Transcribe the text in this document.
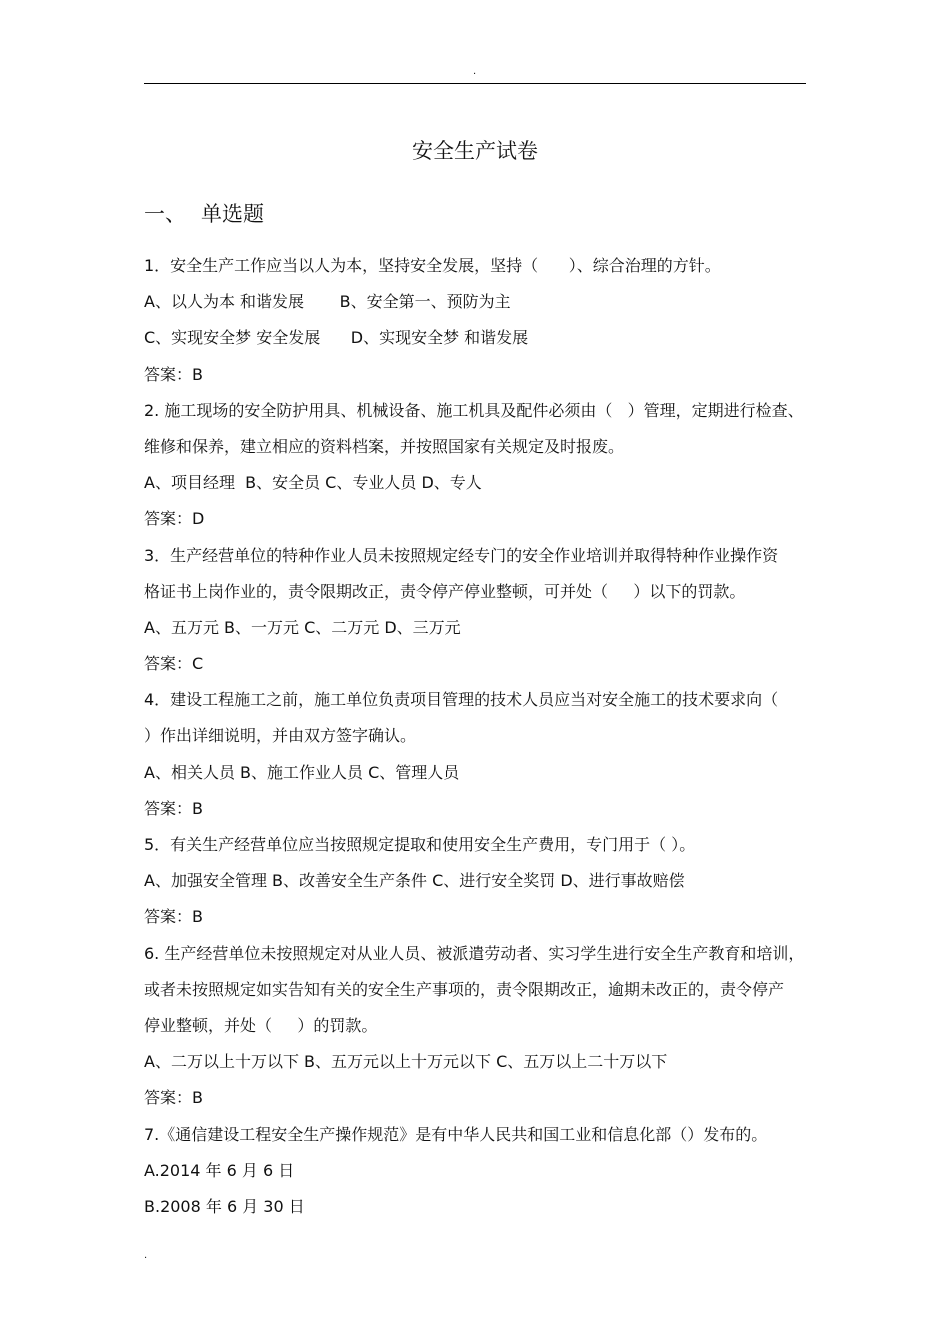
.
安全生产试卷
一、 单选题
1．安全生产工作应当以人为本，坚持安全发展，坚持（      ）、综合治理的方针。
A、以人为本 和谐发展       B、安全第一、预防为主
C、实现安全梦 安全发展      D、实现安全梦 和谐发展
答案：B
2. 施工现场的安全防护用具、机械设备、施工机具及配件必须由（   ）管理，定期进行检查、
维修和保养，建立相应的资料档案，并按照国家有关规定及时报废。
A、项目经理  B、安全员 C、专业人员 D、专人
答案：D
3．生产经营单位的特种作业人员未按照规定经专门的安全作业培训并取得特种作业操作资
格证书上岗作业的，责令限期改正，责令停产停业整顿，可并处（     ）以下的罚款。
A、五万元 B、一万元 C、二万元 D、三万元
答案：C
4．建设工程施工之前，施工单位负责项目管理的技术人员应当对安全施工的技术要求向（
）作出详细说明，并由双方签字确认。
A、相关人员 B、施工作业人员 C、管理人员
答案：B
5．有关生产经营单位应当按照规定提取和使用安全生产费用，专门用于（ ）。
A、加强安全管理 B、改善安全生产条件 C、进行安全奖罚 D、进行事故赔偿
答案：B
6. 生产经营单位未按照规定对从业人员、被派遣劳动者、实习学生进行安全生产教育和培训，
或者未按照规定如实告知有关的安全生产事项的，责令限期改正，逾期未改正的，责令停产
停业整顿，并处（     ）的罚款。
A、二万以上十万以下 B、五万元以上十万元以下 C、五万以上二十万以下
答案：B
7.《通信建设工程安全生产操作规范》是有中华人民共和国工业和信息化部（）发布的。
A.2014 年 6 月 6 日
B.2008 年 6 月 30 日
.
